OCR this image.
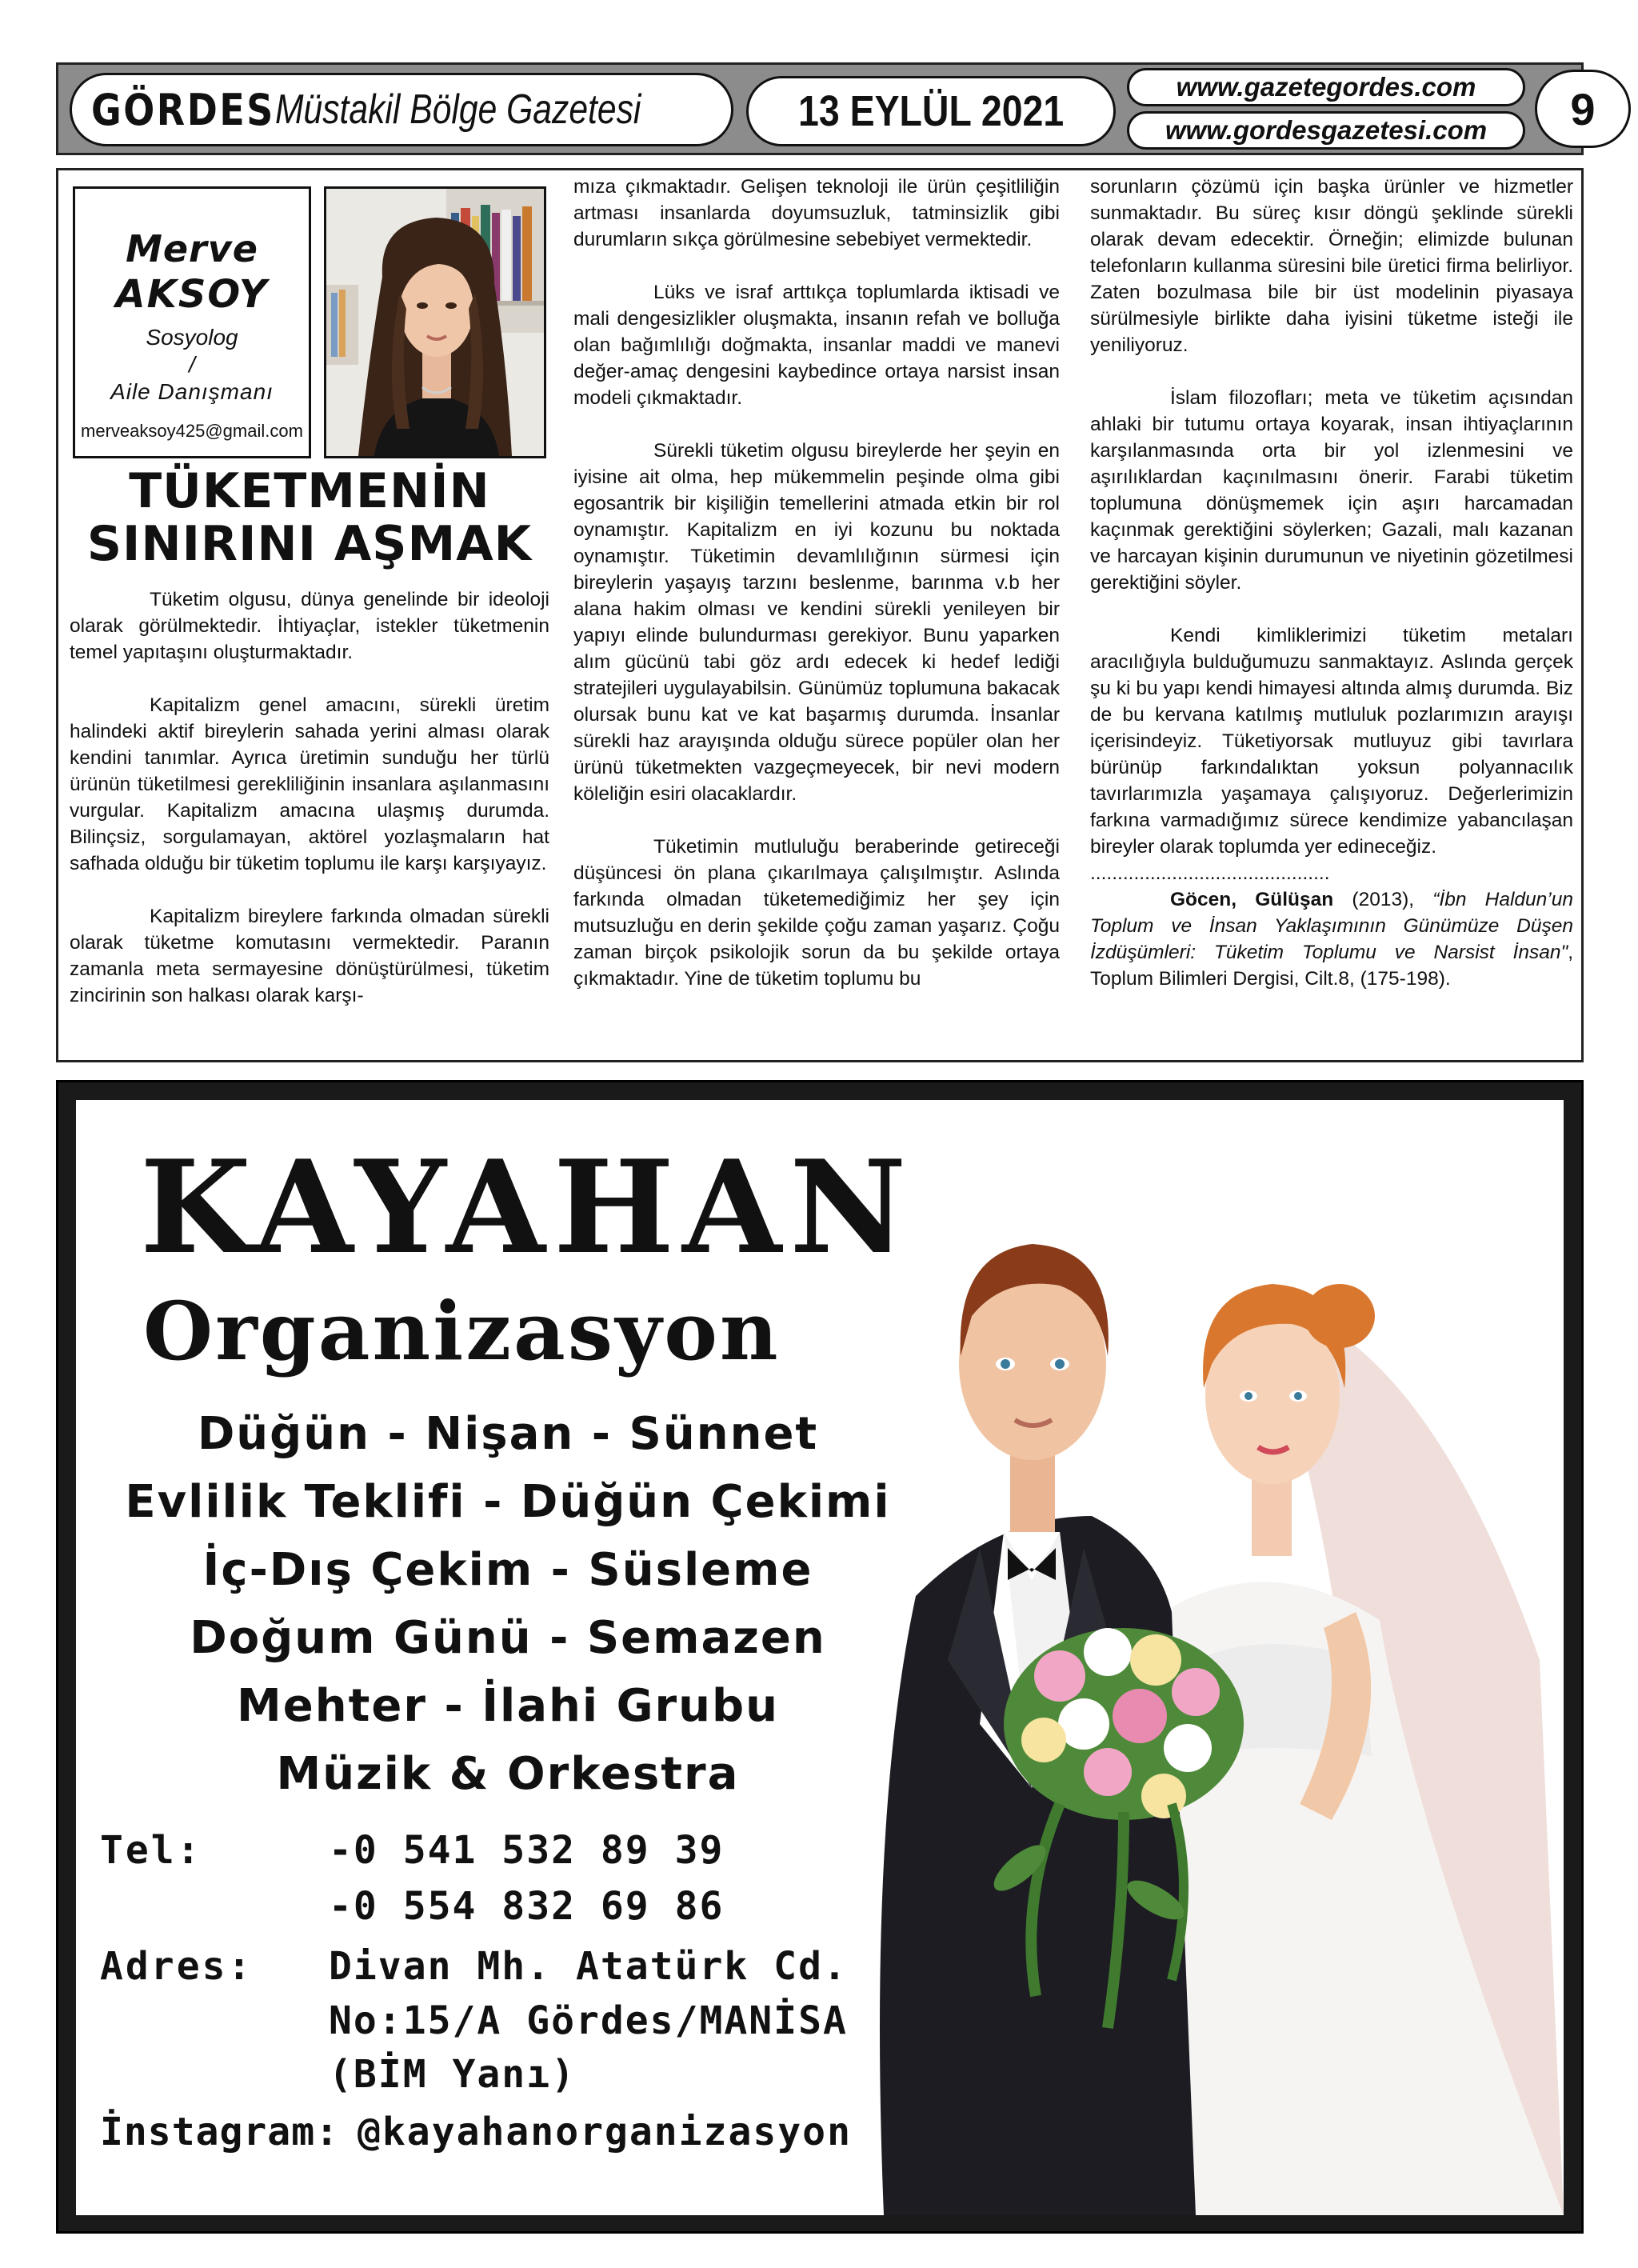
GÖRDES Müstakil Bölge Gazetesi	13 EYLÜL 2021
www.gazetegordes.com
www.gordesgazetesi.com 9
Merve
AKSOY
Sosyolog
/
Aile Danışmanı
merveaksoy425@gmail.com
TÜKETMENİN
SINIRINI AŞMAK

Tüketim olgusu, dünya genelinde bir ideoloji olarak görülmektedir. İhtiyaçlar, istekler tüketmenin temel yapıtaşını oluşturmaktadır.

Kapitalizm genel amacını, sürekli üretim halindeki aktif bireylerin sahada yerini alması olarak kendini tanımlar. Ayrıca üretimin sunduğu her türlü ürünün tüketilmesi gerekliliğinin insanlara aşılanmasını vurgular. Kapitalizm amacına ulaşmış durumda. Bilinçsiz, sorgulamayan, aktörel yozlaşmaların hat safhada olduğu bir tüketim toplumu ile karşı karşıyayız.

Kapitalizm bireylere farkında olmadan sürekli olarak tüketme komutasını vermektedir. Paranın zamanla meta sermayesine dönüştürülmesi, tüketim zincirinin son halkası olarak karşı-

mıza çıkmaktadır. Gelişen teknoloji ile ürün çeşitliliğin artması insanlarda doyumsuzluk, tatminsizlik gibi durumların sıkça görülmesine sebebiyet vermektedir.

Lüks ve israf arttıkça toplumlarda iktisadi ve mali dengesizlikler oluşmakta, insanın refah ve bolluğa olan bağımlılığı doğmakta, insanlar maddi ve manevi değer-amaç dengesini kaybedince ortaya narsist insan modeli çıkmaktadır.

Sürekli tüketim olgusu bireylerde her şeyin en iyisine ait olma, hep mükemmelin peşinde olma gibi egosantrik bir kişiliğin temellerini atmada etkin bir rol oynamıştır. Kapitalizm en iyi kozunu bu noktada oynamıştır. Tüketimin devamlılığının sürmesi için bireylerin yaşayış tarzını beslenme, barınma v.b her alana hakim olması ve kendini sürekli yenileyen bir yapıyı elinde bulundurması gerekiyor. Bunu yaparken alım gücünü tabi göz ardı edecek ki hedef lediği stratejileri uygulayabilsin. Günümüz toplumuna bakacak olursak bunu kat ve kat başarmış durumda. İnsanlar sürekli haz arayışında olduğu sürece popüler olan her ürünü tüketmekten vazgeçmeyecek, bir nevi modern köleliğin esiri olacaklardır.

Tüketimin mutluluğu beraberinde getireceği düşüncesi ön plana çıkarılmaya çalışılmıştır. Aslında farkında olmadan tüketemediğimiz her şey için mutsuzluğu en derin şekilde çoğu zaman yaşarız. Çoğu zaman birçok psikolojik sorun da bu şekilde ortaya çıkmaktadır. Yine de tüketim toplumu bu

sorunların çözümü için başka ürünler ve hizmetler sunmaktadır. Bu süreç kısır döngü şeklinde sürekli olarak devam edecektir. Örneğin; elimizde bulunan telefonların kullanma süresini bile üretici firma belirliyor. Zaten bozulmasa bile bir üst modelinin piyasaya sürülmesiyle birlikte daha iyisini tüketme isteği ile yeniliyoruz.

İslam filozofları; meta ve tüketim açısından ahlaki bir tutumu ortaya koyarak, insan ihtiyaçlarının karşılanmasında orta bir yol izlenmesini ve aşırılıklardan kaçınılmasını önerir. Farabi tüketim toplumuna dönüşmemek için aşırı harcamadan kaçınmak gerektiğini söylerken; Gazali, malı kazanan ve harcayan kişinin durumunun ve niyetinin gözetilmesi gerektiğini söyler.

Kendi kimliklerimizi tüketim metaları aracılığıyla bulduğumuzu sanmaktayız. Aslında gerçek şu ki bu yapı kendi himayesi altında almış durumda. Biz de bu kervana katılmış mutluluk pozlarımızın arayışı içerisindeyiz. Tüketiyorsak mutluyuz gibi tavırlara bürünüp farkındalıktan yoksun polyannacılık tavırlarımızla yaşamaya çalışıyoruz. Değerlerimizin farkına varmadığımız sürece kendimize yabancılaşan bireyler olarak toplumda yer edineceğiz.

............................................
Göcen, Gülüşan (2013), “İbn Haldun’un Toplum ve İnsan Yaklaşımının Günümüze Düşen İzdüşümleri: Tüketim Toplumu ve Narsist İnsan", Toplum Bilimleri Dergisi, Cilt.8, (175-198).
KAYAHAN
Organizasyon
Düğün - Nişan - Sünnet
Evlilik Teklifi - Düğün Çekimi
İç-Dış Çekim - Süsleme
Doğum Günü - Semazen
Mehter - İlahi Grubu
Müzik & Orkestra
Tel:	-0 541 532 89 39
-0 554 832 69 86
Adres: Divan Mh. Atatürk Cd.
No:15/A Gördes/MANİSA
(BİM Yanı)
İnstagram: @kayahanorganizasyon
